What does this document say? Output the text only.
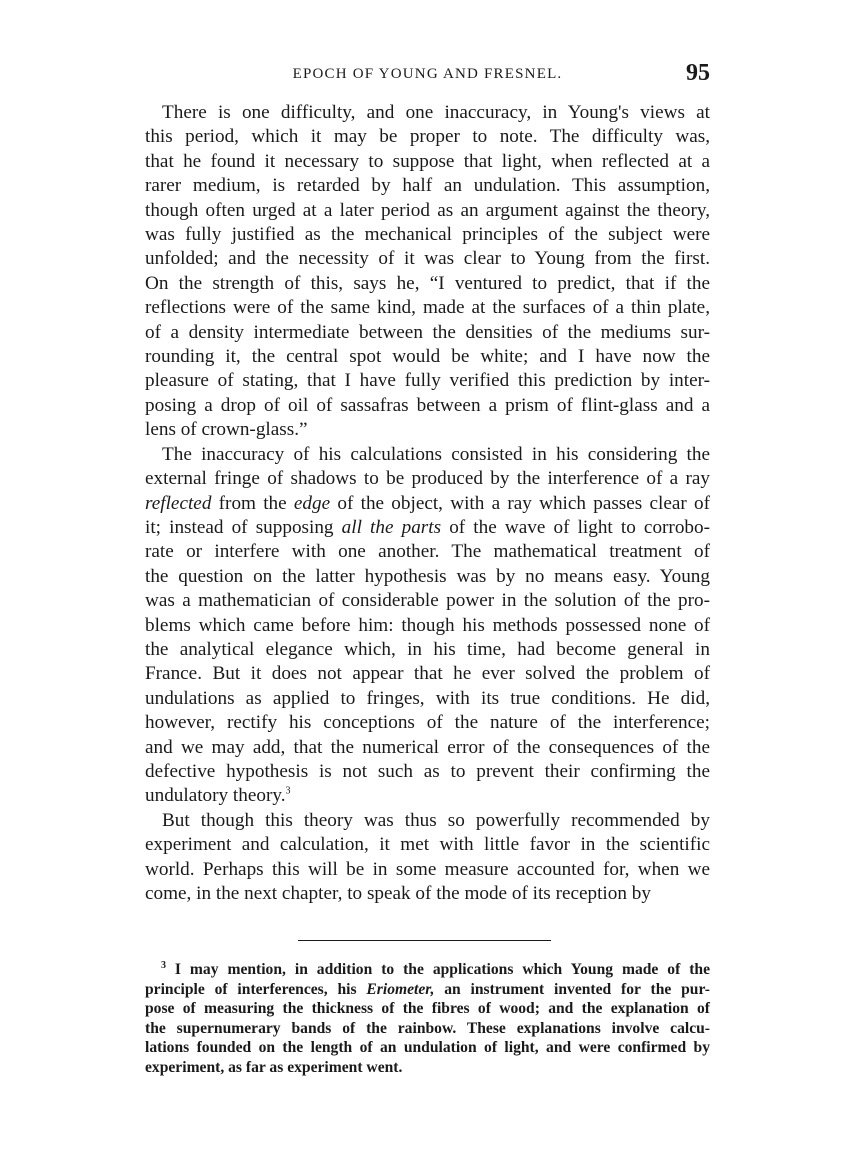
EPOCH OF YOUNG AND FRESNEL.	95

There is one difficulty, and one inaccuracy, in Young's views at
this period, which it may be proper to note. The difficulty was,
that he found it necessary to suppose that light, when reflected at a
rarer medium, is retarded by half an undulation. This assumption,
though often urged at a later period as an argument against the theory,
was fully justified as the mechanical principles of the subject were
unfolded; and the necessity of it was clear to Young from the first.
On the strength of this, says he, “I ventured to predict, that if the
reflections were of the same kind, made at the surfaces of a thin plate,
of a density intermediate between the densities of the mediums sur-
rounding it, the central spot would be white; and I have now the
pleasure of stating, that I have fully verified this prediction by inter-
posing a drop of oil of sassafras between a prism of flint-glass and a
lens of crown-glass.”

The inaccuracy of his calculations consisted in his considering the
external fringe of shadows to be produced by the interference of a ray
reflected from the edge of the object, with a ray which passes clear of
it; instead of supposing all the parts of the wave of light to corrobo-
rate or interfere with one another. The mathematical treatment of
the question on the latter hypothesis was by no means easy. Young
was a mathematician of considerable power in the solution of the pro-
blems which came before him: though his methods possessed none of
the analytical elegance which, in his time, had become general in
France. But it does not appear that he ever solved the problem of
undulations as applied to fringes, with its true conditions. He did,
however, rectify his conceptions of the nature of the interference;
and we may add, that the numerical error of the consequences of the
defective hypothesis is not such as to prevent their confirming the
undulatory theory.$^3$

But though this theory was thus so powerfully recommended by
experiment and calculation, it met with little favor in the scientific
world. Perhaps this will be in some measure accounted for, when we
come, in the next chapter, to speak of the mode of its reception by

$^3$ I may mention, in addition to the applications which Young made of the
principle of interferences, his Eriometer, an instrument invented for the pur-
pose of measuring the thickness of the fibres of wood; and the explanation of
the supernumerary bands of the rainbow. These explanations involve calcu-
lations founded on the length of an undulation of light, and were confirmed by
experiment, as far as experiment went.
